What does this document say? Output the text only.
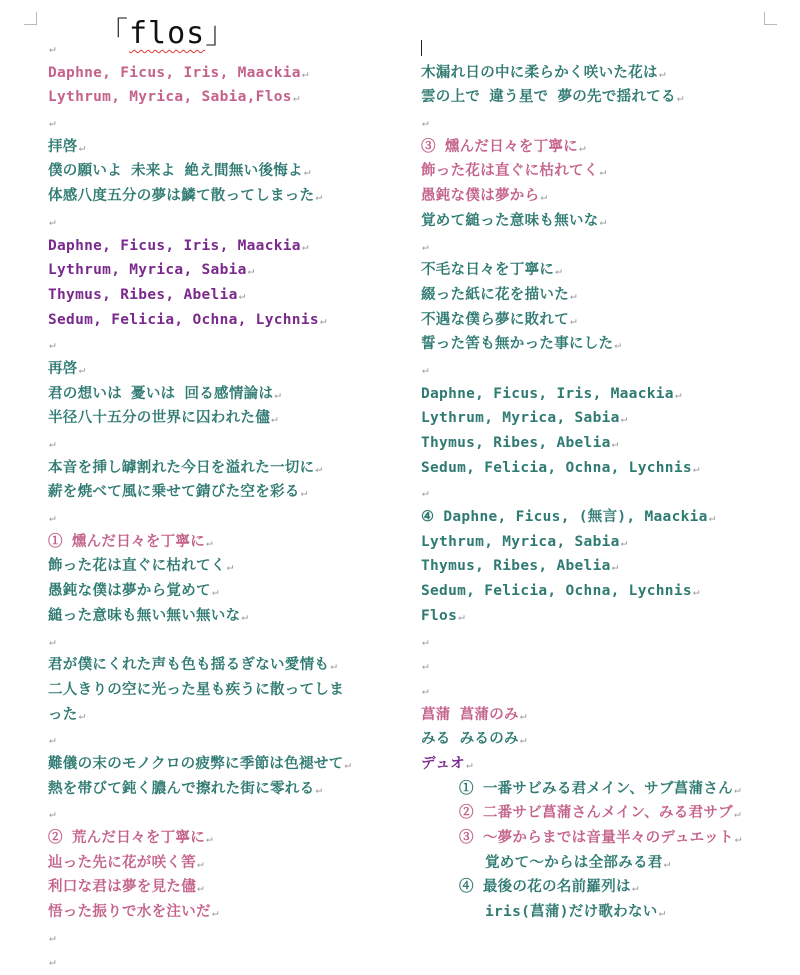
「flos」
↵
Daphne, Ficus, Iris, Maackia↵
Lythrum, Myrica, Sabia,Flos↵
↵
拝啓↵
僕の願いよ 未来よ 絶え間無い後悔よ↵
体感八度五分の夢は鱗て散ってしまった↵
↵
Daphne, Ficus, Iris, Maackia↵
Lythrum, Myrica, Sabia↵
Thymus, Ribes, Abelia↵
Sedum, Felicia, Ochna, Lychnis↵
↵
再啓↵
君の想いは 憂いは 回る感情論は↵
半径八十五分の世界に囚われた儘↵
↵
本音を挿し罅割れた今日を溢れた一切に↵
薪を焼べて風に乗せて錆びた空を彩る↵
↵
① 燻んだ日々を丁寧に↵
飾った花は直ぐに枯れてく↵
愚鈍な僕は夢から覚めて↵
縋った意味も無い無い無いな↵
↵
君が僕にくれた声も色も揺るぎない愛情も↵
二人きりの空に光った星も疾うに散ってしま
った↵
↵
難儀の末のモノクロの疲弊に季節は色褪せて↵
熱を帯びて鈍く膿んで擦れた街に零れる↵
↵
② 荒んだ日々を丁寧に↵
辿った先に花が咲く筈↵
利口な君は夢を見た儘↵
悟った振りで水を注いだ↵
↵
↵
木漏れ日の中に柔らかく咲いた花は↵
雲の上で 違う星で 夢の先で揺れてる↵
↵
③ 燻んだ日々を丁寧に↵
飾った花は直ぐに枯れてく↵
愚鈍な僕は夢から↵
覚めて縋った意味も無いな↵
↵
不毛な日々を丁寧に↵
綴った紙に花を描いた↵
不遇な僕ら夢に敗れて↵
誓った筈も無かった事にした↵
↵
Daphne, Ficus, Iris, Maackia↵
Lythrum, Myrica, Sabia↵
Thymus, Ribes, Abelia↵
Sedum, Felicia, Ochna, Lychnis↵
↵
④ Daphne, Ficus, (無言), Maackia↵
Lythrum, Myrica, Sabia↵
Thymus, Ribes, Abelia↵
Sedum, Felicia, Ochna, Lychnis↵
Flos↵
↵
↵
↵
菖蒲 菖蒲のみ↵
みる みるのみ↵
デュオ↵
① 一番サビみる君メイン、サブ菖蒲さん↵
② 二番サビ菖蒲さんメイン、みる君サブ↵
③ ～夢からまでは音量半々のデュエット↵
覚めて～からは全部みる君↵
④ 最後の花の名前羅列は↵
iris(菖蒲)だけ歌わない↵
